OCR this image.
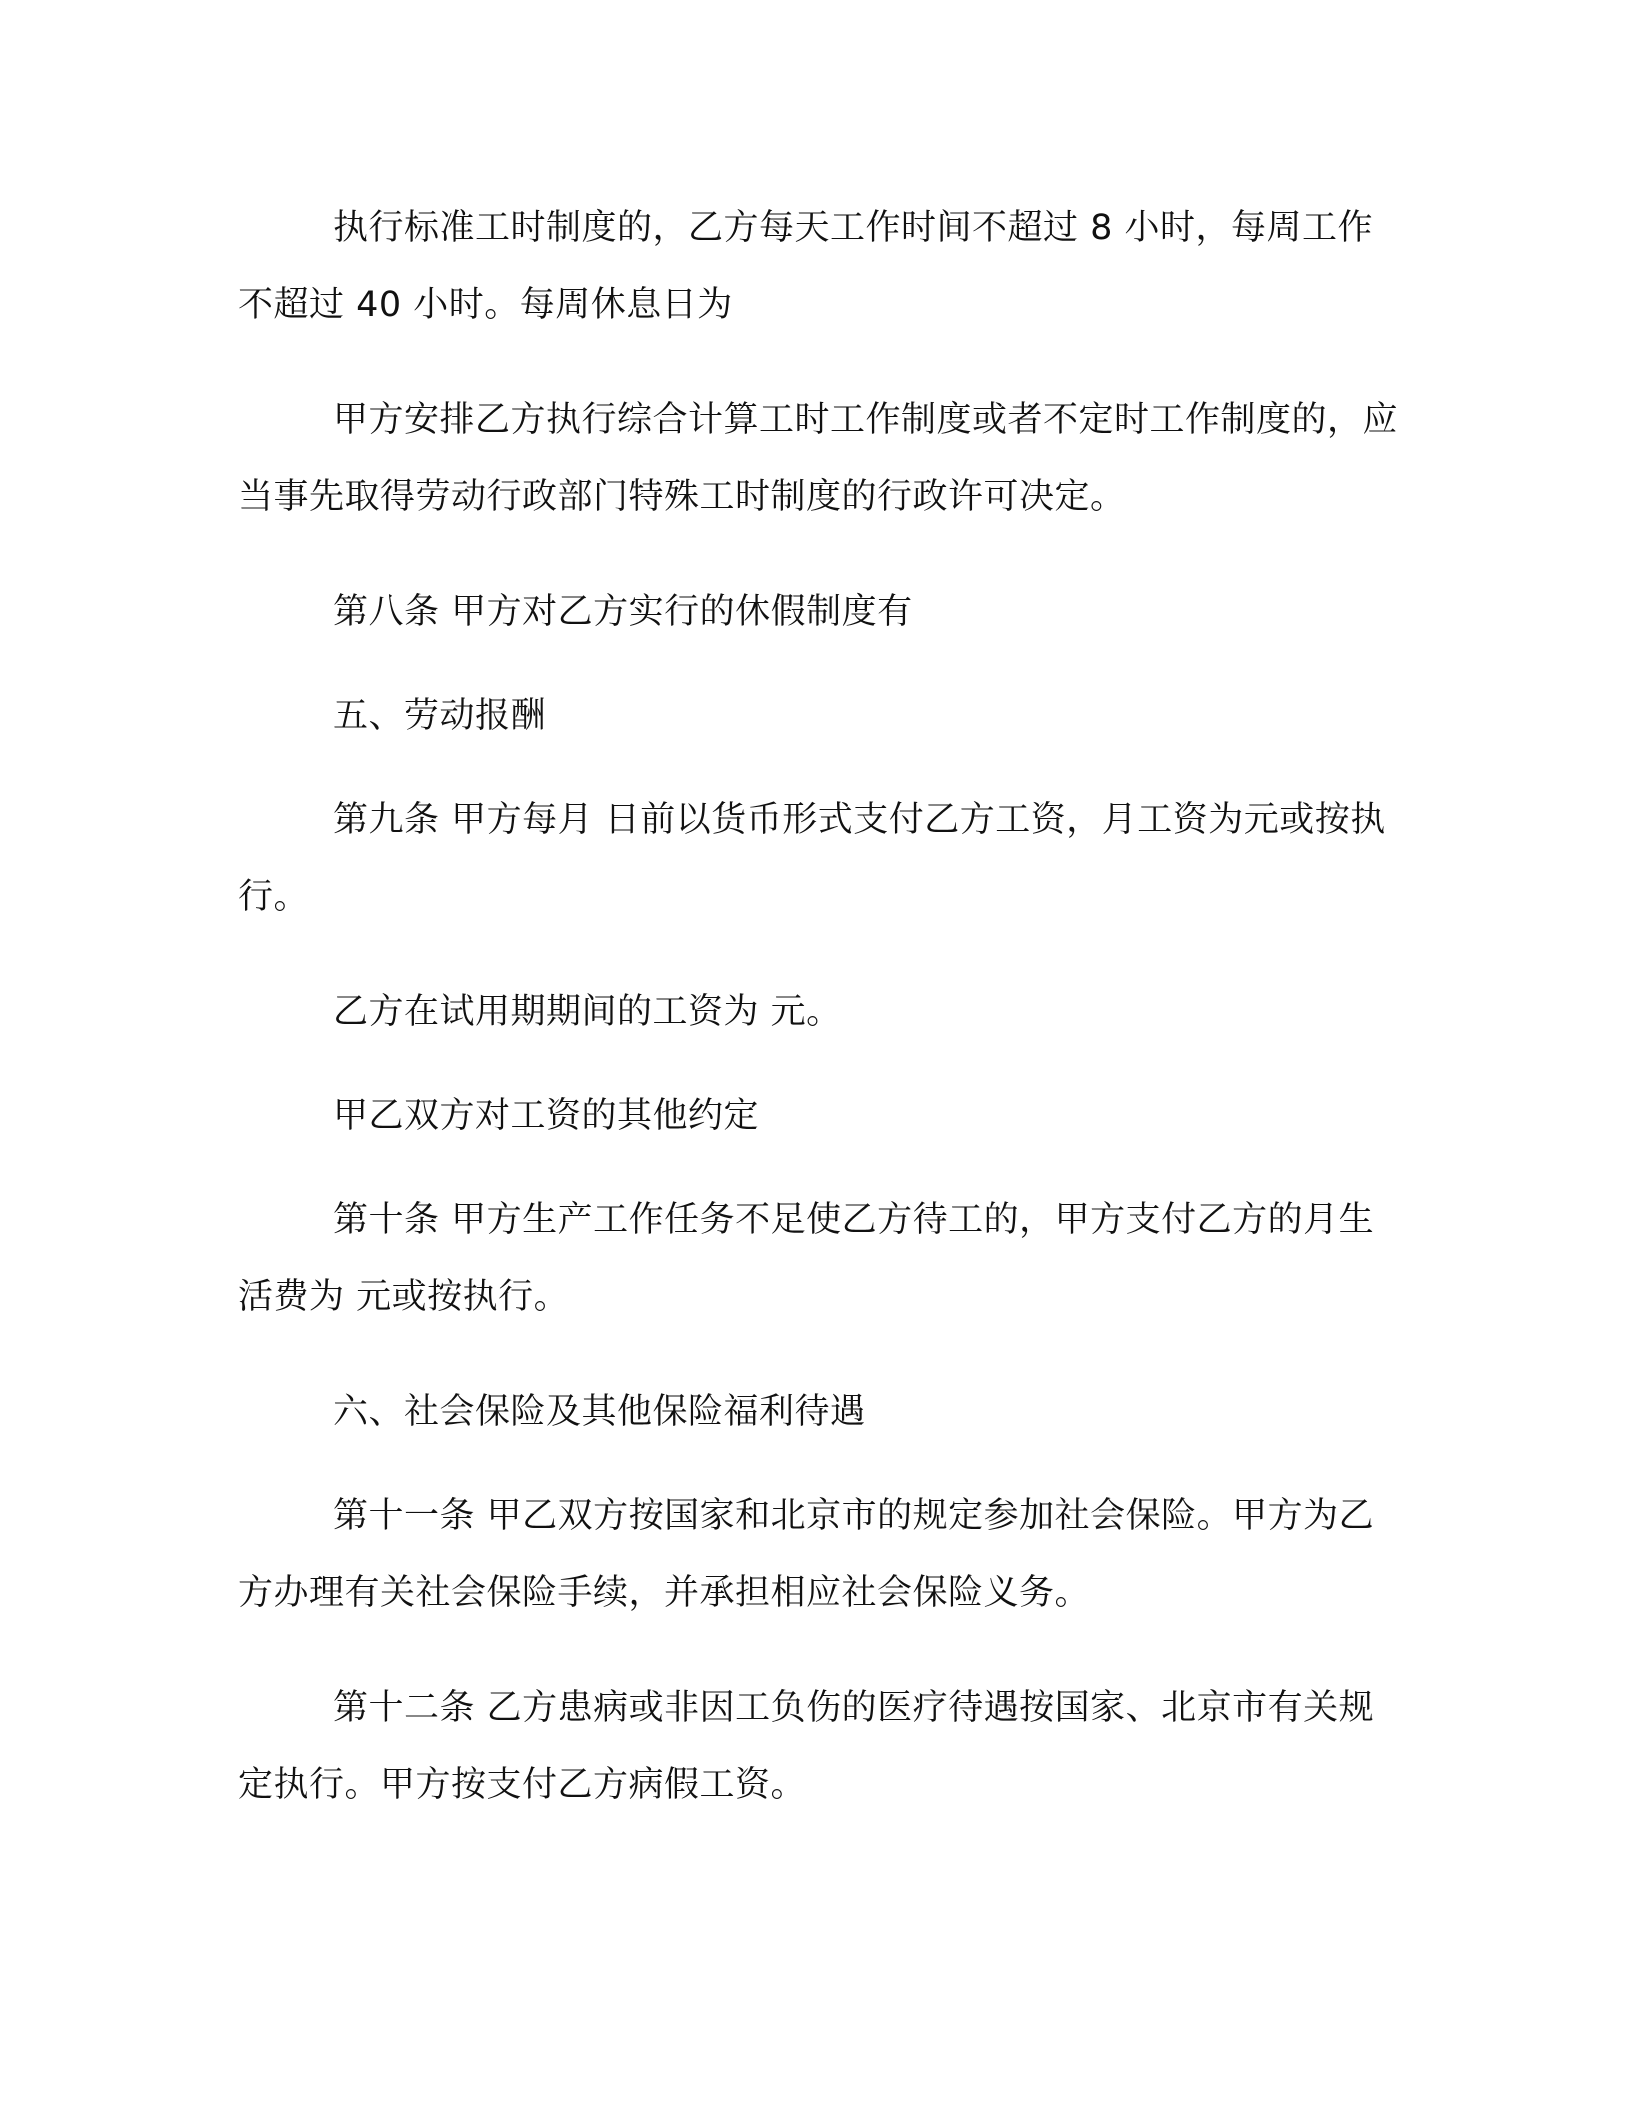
执行标准工时制度的，乙方每天工作时间不超过 8 小时，每周工作不超过 40 小时。每周休息日为

甲方安排乙方执行综合计算工时工作制度或者不定时工作制度的，应当事先取得劳动行政部门特殊工时制度的行政许可决定。

第八条 甲方对乙方实行的休假制度有

五、劳动报酬

第九条 甲方每月 日前以货币形式支付乙方工资，月工资为元或按执行。

乙方在试用期期间的工资为 元。

甲乙双方对工资的其他约定

第十条 甲方生产工作任务不足使乙方待工的，甲方支付乙方的月生活费为 元或按执行。

六、社会保险及其他保险福利待遇

第十一条 甲乙双方按国家和北京市的规定参加社会保险。甲方为乙方办理有关社会保险手续，并承担相应社会保险义务。

第十二条 乙方患病或非因工负伤的医疗待遇按国家、北京市有关规定执行。甲方按支付乙方病假工资。
